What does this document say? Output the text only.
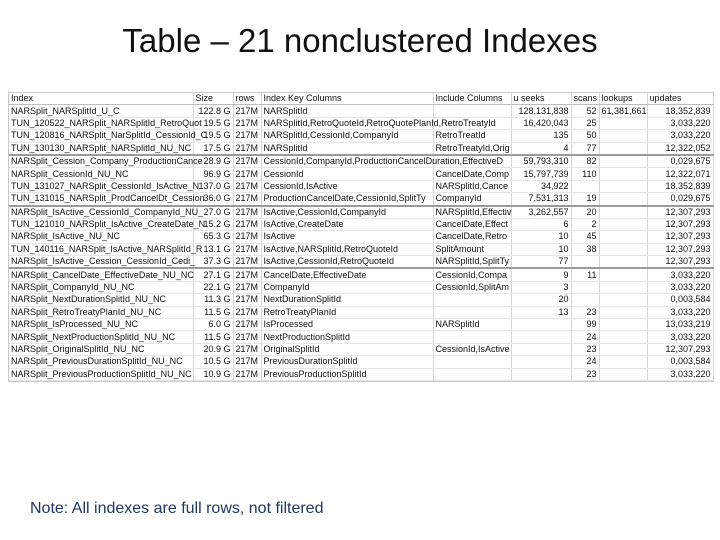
Table – 21 nonclustered Indexes
Index	Size	rows	Index Key Columns	Include Columns	u seeks	scans	lookups	updates
NARSplit_NARSplitId_U_C	122.8 G	217M	NARSplitId		128,131,838	52	61,381,661	18,352,839
TUN_120522_NARSplit_NARSplitId_RetroQuot	19.5 G	217M	NARSplitId,RetroQuoteId,RetroQuotePlanId,RetroTreatyId		16,420,043	25		3,033,220
TUN_120816_NARSplit_NarSplitId_CessionId_C	19.5 G	217M	NARSplitId,CessionId,CompanyId	RetroTreatId	135	50		3,033,220
TUN_130130_NARSplit_NARSplitId_NU_NC	17.5 G	217M	NARSplitId	RetroTreatyId,Orig	4	77		12,322,052
NARSplit_Cession_Company_ProductionCance	28.9 G	217M	CessionId,CompanyId,ProductionCancelDuration,EffectiveD		59,793,310	82		0,029,675
NARSplit_CessionId_NU_NC	96.9 G	217M	CessionId	CancelDate,Comp	15,797,739	110		12,322,071
TUN_131027_NARSplit_CessionId_IsActive_N	137.0 G	217M	CessionId,IsActive	NARSplitId,Cance	34,922			18,352,839
TUN_131015_NARSplit_ProdCancelDt_Cession	36.0 G	217M	ProductionCancelDate,CessionId,SplitTy	CompanyId	7,531,313	19		0,029,675
NARSplit_IsActive_CessionId_CompanyId_NU_	27.0 G	217M	IsActive,CessionId,CompanyId	NARSplitId,Effectiv	3,262,557	20		12,307,293
TUN_121010_NARSplit_IsActive_CreateDate_N	15.2 G	217M	IsActive,CreateDate	CancelDate,Effect	6	2		12,307,293
NARSplit_IsActive_NU_NC	65.3 G	217M	IsActive	CancelDate,Retro	10	45		12,307,293
TUN_140116_NARSplit_IsActive_NARSplitId_R	13.1 G	217M	IsActive,NARSplitId,RetroQuoteId	SplitAmount	10	38		12,307,293
NARSplit_IsActive_Cession_CessionId_Cedi_	37.3 G	217M	IsActive,CessionId,RetroQuoteId	NARSplitId,SplitTy	77			12,307,293
NARSplit_CancelDate_EffectiveDate_NU_NC	27.1 G	217M	CancelDate,EffectiveDate	CessionId,Compa	9	11		3,033,220
NARSplit_CompanyId_NU_NC	22.1 G	217M	CompanyId	CessionId,SplitAm	3			3,033,220
NARSplit_NextDurationSplitId_NU_NC	11.3 G	217M	NextDurationSplitId		20			0,003,584
NARSplit_RetroTreatyPlanId_NU_NC	11.5 G	217M	RetroTreatyPlanId		13	23		3,033,220
NARSplit_IsProcessed_NU_NC	6.0 G	217M	IsProcessed	NARSplitId		99		13,033,219
NARSplit_NextProductionSplitId_NU_NC	11.5 G	217M	NextProductionSplitId			24		3,033,220
NARSplit_OriginalSplitId_NU_NC	20.9 G	217M	OriginalSplitId	CessionId,IsActive		23		12,307,293
NARSplit_PreviousDurationSplitId_NU_NC	10.5 G	217M	PreviousDurationSplitId			24		0,003,584
NARSplit_PreviousProductionSplitId_NU_NC	10.9 G	217M	PreviousProductionSplitId			23		3,033,220
Note: All indexes are full rows, not filtered
